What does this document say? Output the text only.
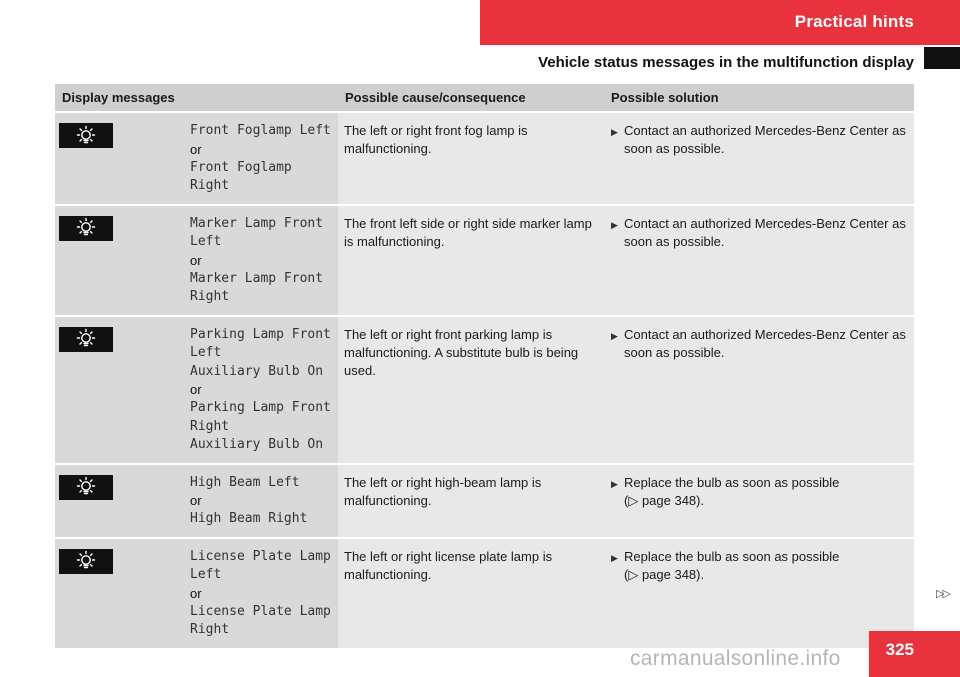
Practical hints
Vehicle status messages in the multifunction display
Display messages	Possible cause/consequence	Possible solution
Front Foglamp Left
or
Front Foglamp
Right
The left or right front fog lamp is malfunctioning.
▶ Contact an authorized Mercedes-Benz Center as soon as possible.
Marker Lamp Front
Left
or
Marker Lamp Front
Right
The front left side or right side marker lamp is malfunctioning.
▶ Contact an authorized Mercedes-Benz Center as soon as possible.
Parking Lamp Front
Left
Auxiliary Bulb On
or
Parking Lamp Front
Right
Auxiliary Bulb On
The left or right front parking lamp is malfunctioning. A substitute bulb is being used.
▶ Contact an authorized Mercedes-Benz Center as soon as possible.
High Beam Left
or
High Beam Right
The left or right high-beam lamp is malfunctioning.
▶ Replace the bulb as soon as possible
(▷ page 348).
License Plate Lamp
Left
or
License Plate Lamp
Right
The left or right license plate lamp is malfunctioning.
▶ Replace the bulb as soon as possible
(▷ page 348).
▷▷
325
carmanualsonline.info
